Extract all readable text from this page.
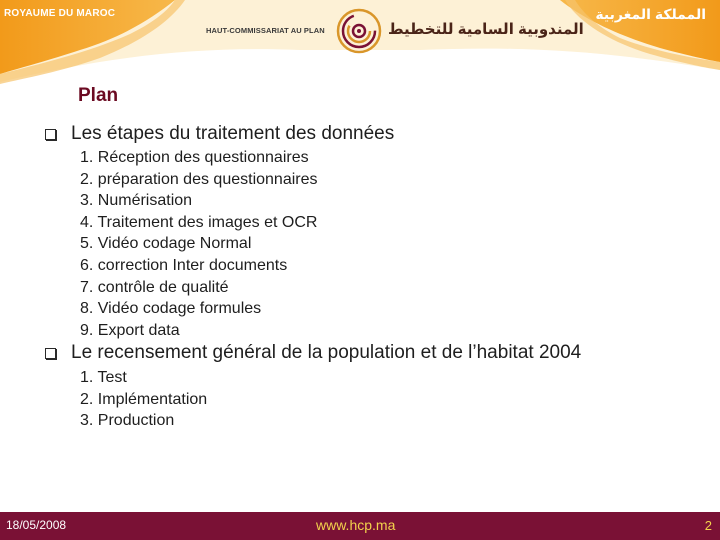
ROYAUME DU MAROC	المملكة المغربية
HAUT-COMMISSARIAT AU PLAN	المندوبية السامية للتخطيط
Plan
Les étapes du traitement des données
1. Réception des questionnaires
2. préparation des questionnaires
3. Numérisation
4. Traitement des images et OCR
5. Vidéo codage Normal
6. correction Inter documents
7. contrôle de qualité
8. Vidéo codage formules
9. Export data
Le recensement général de la population et de l’habitat 2004
1. Test
2. Implémentation
3. Production
18/05/2008	www.hcp.ma	2
